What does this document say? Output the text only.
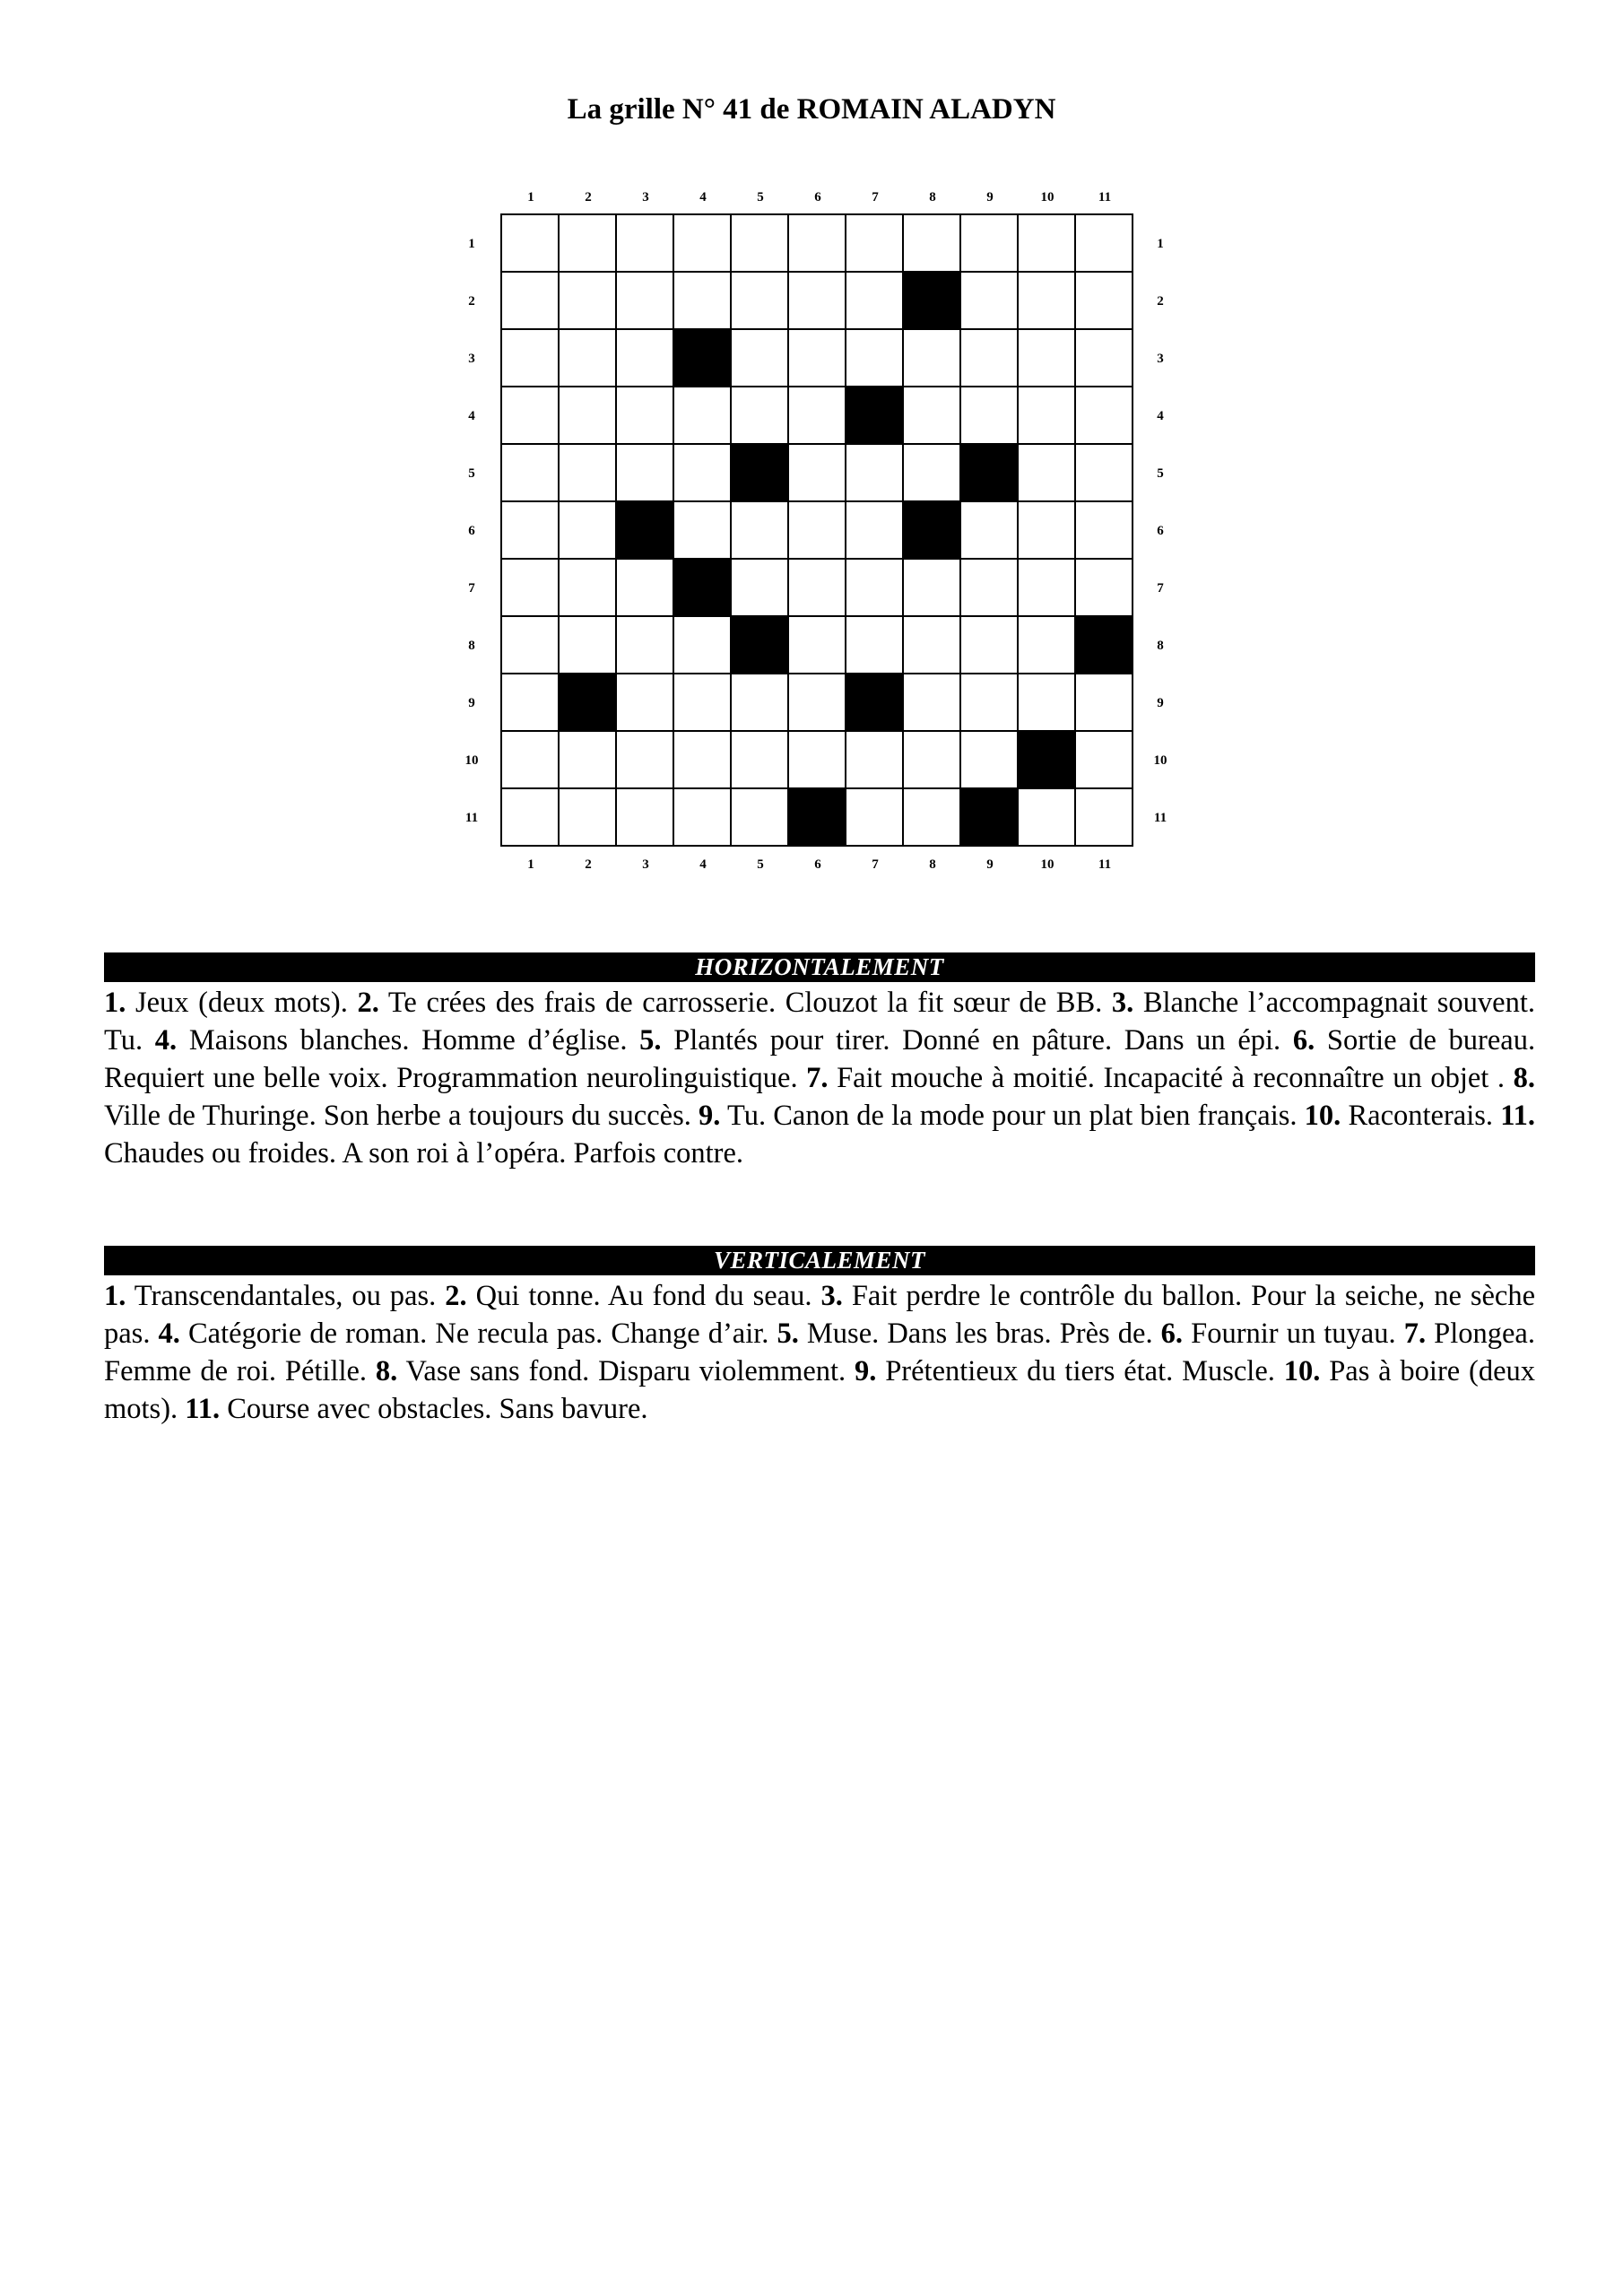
La grille N° 41 de ROMAIN ALADYN
1	2	3	4	5	6	7	8	9	10	11
1
2
3
4
5
6
7
8
9
10
11
1
2
3
4
5
6
7
8
9
10
11
1	2	3	4	5	6	7	8	9	10	11
HORIZONTALEMENT

1. Jeux (deux mots). 2. Te crées des frais de carrosserie. Clouzot la fit sœur de BB. 3. Blanche l’accompagnait souvent. Tu. 4. Maisons blanches. Homme d’église. 5. Plantés pour tirer. Donné en pâture. Dans un épi. 6. Sortie de bureau. Requiert une belle voix. Programmation neurolinguistique. 7. Fait mouche à moitié. Incapacité à reconnaître un objet . 8. Ville de Thuringe. Son herbe a toujours du succès. 9. Tu. Canon de la mode pour un plat bien français. 10. Raconterais. 11. Chaudes ou froides. A son roi à l’opéra. Parfois contre.

VERTICALEMENT

1. Transcendantales, ou pas. 2. Qui tonne. Au fond du seau. 3. Fait perdre le contrôle du ballon. Pour la seiche, ne sèche pas. 4. Catégorie de roman. Ne recula pas. Change d’air. 5. Muse. Dans les bras. Près de. 6. Fournir un tuyau. 7. Plongea. Femme de roi. Pétille. 8. Vase sans fond. Disparu violemment. 9. Prétentieux du tiers état. Muscle. 10. Pas à boire (deux mots). 11. Course avec obstacles. Sans bavure.
